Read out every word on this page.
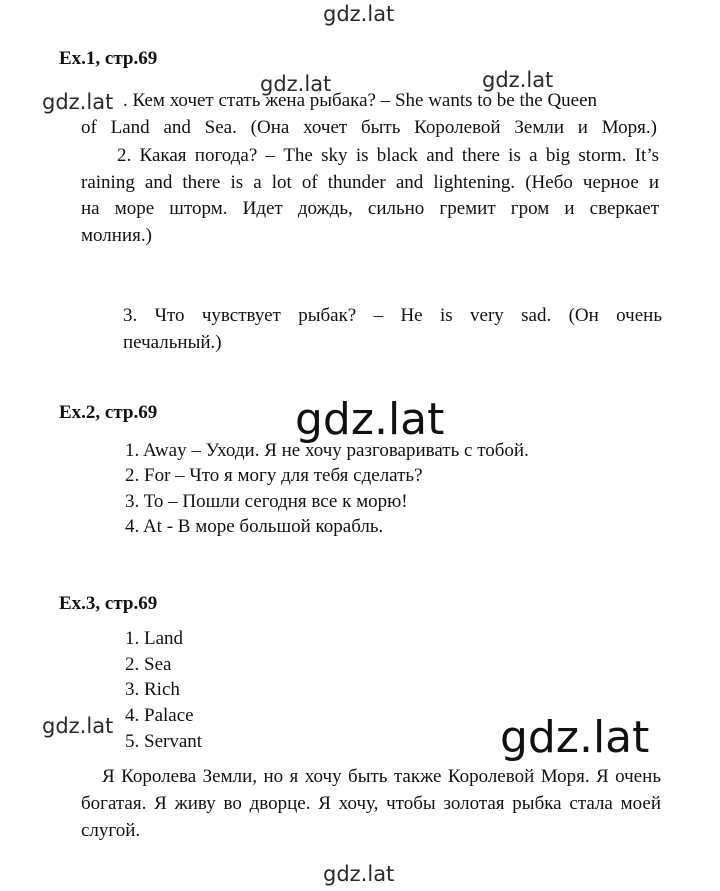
gdz.lat
gdz.lat
gdz.lat	gdz.lat
Ex.1, стр.69
. Кем хочет стать жена рыбака? – She wants to be the Queen
of Land and Sea. (Она хочет быть Королевой Земли и Моря.)
2. Какая погода? – The sky is black and there is a big storm. It’s
raining and there is a lot of thunder and lightening. (Небо черное и
на море шторм. Идет дождь, сильно гремит гром и сверкает
молния.)
3. Что чувствует рыбак? – He is very sad. (Он очень
печальный.)
Ex.2, стр.69
1. Away – Уходи. Я не хочу разговаривать с тобой.
2. For – Что я могу для тебя сделать?
3. To – Пошли сегодня все к морю!
4. At - В море большой корабль.
gdz.lat
Ex.3, стр.69
1. Land
2. Sea
3. Rich
4. Palace
5. Servant
gdz.lat	gdz.lat
Я Королева Земли, но я хочу быть также Королевой Моря. Я очень
богатая. Я живу во дворце. Я хочу, чтобы золотая рыбка стала моей
слугой.
gdz.lat
